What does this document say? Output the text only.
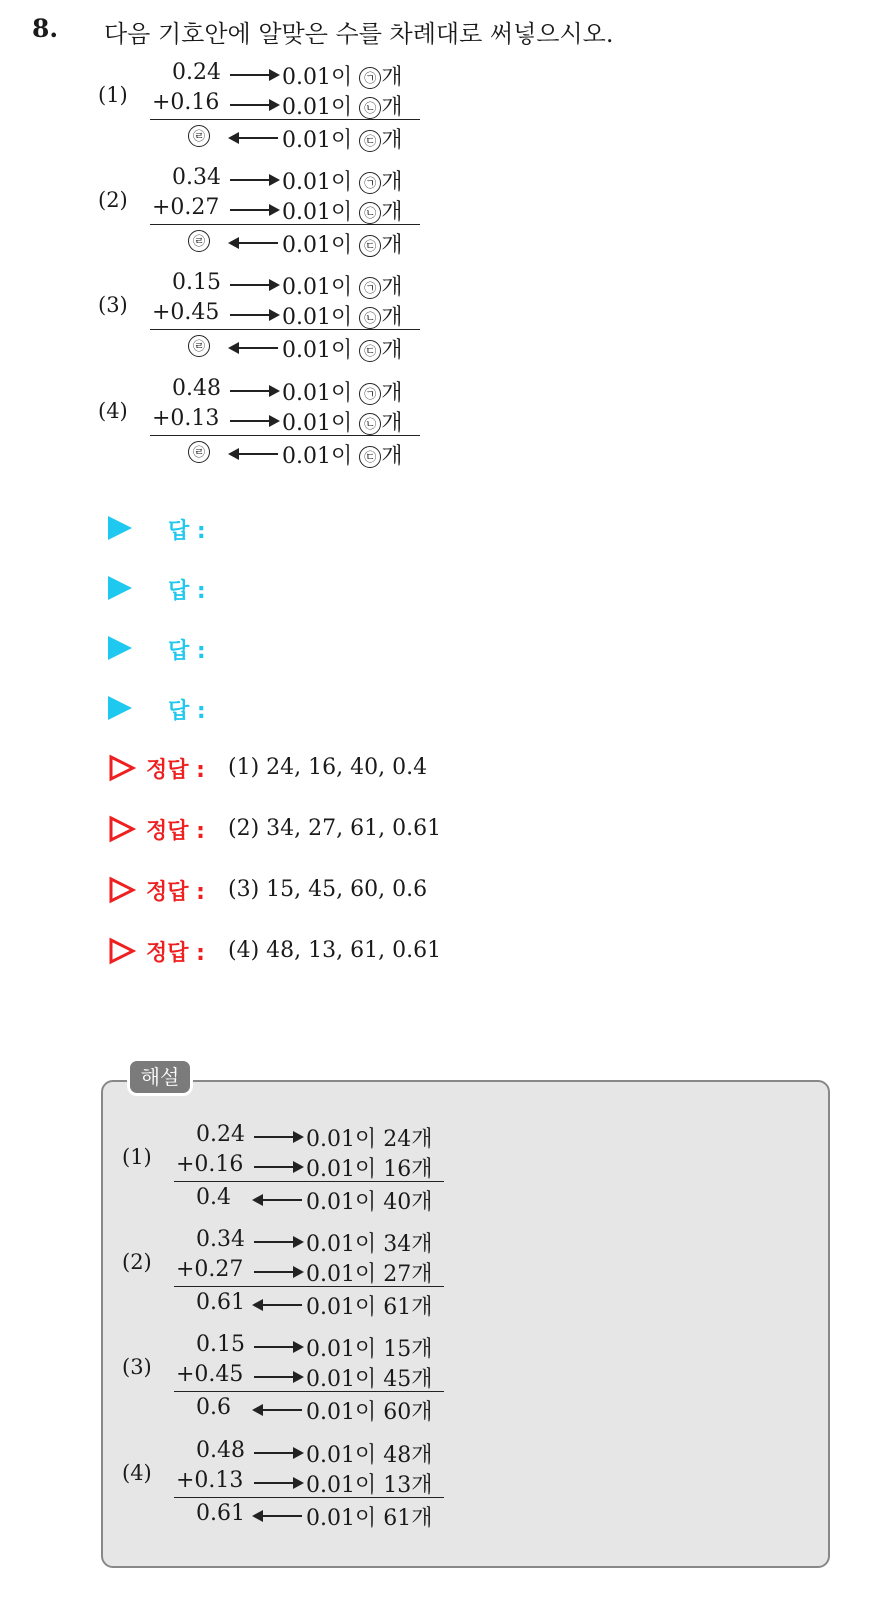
8. 다음 기호안에 알맞은 수를 차례대로 써넣으시오.
(1)
0.24	0.01이 ㉠ 개
+0.16	0.01이 ㉡ 개
㉣	0.01이 ㉢ 개
(2)
0.34	0.01이 ㉠ 개
+0.27	0.01이 ㉡ 개
㉣	0.01이 ㉢ 개
(3)
0.15	0.01이 ㉠ 개
+0.45	0.01이 ㉡ 개
㉣	0.01이 ㉢ 개
(4)
0.48	0.01이 ㉠ 개
+0.13	0.01이 ㉡ 개
㉣	0.01이 ㉢ 개
답 :
답 :
답 :
답 :
정답 : (1) 24, 16, 40, 0.4
정답 : (2) 34, 27, 61, 0.61
정답 : (3) 15, 45, 60, 0.6
정답 : (4) 48, 13, 61, 0.61
해설
(1)
0.24	0.01이 24개
+0.16	0.01이 16개
0.4	0.01이 40개
(2)
0.34	0.01이 34개
+0.27	0.01이 27개
0.61	0.01이 61개
(3)
0.15	0.01이 15개
+0.45	0.01이 45개
0.6	0.01이 60개
(4)
0.48	0.01이 48개
+0.13	0.01이 13개
0.61	0.01이 61개
